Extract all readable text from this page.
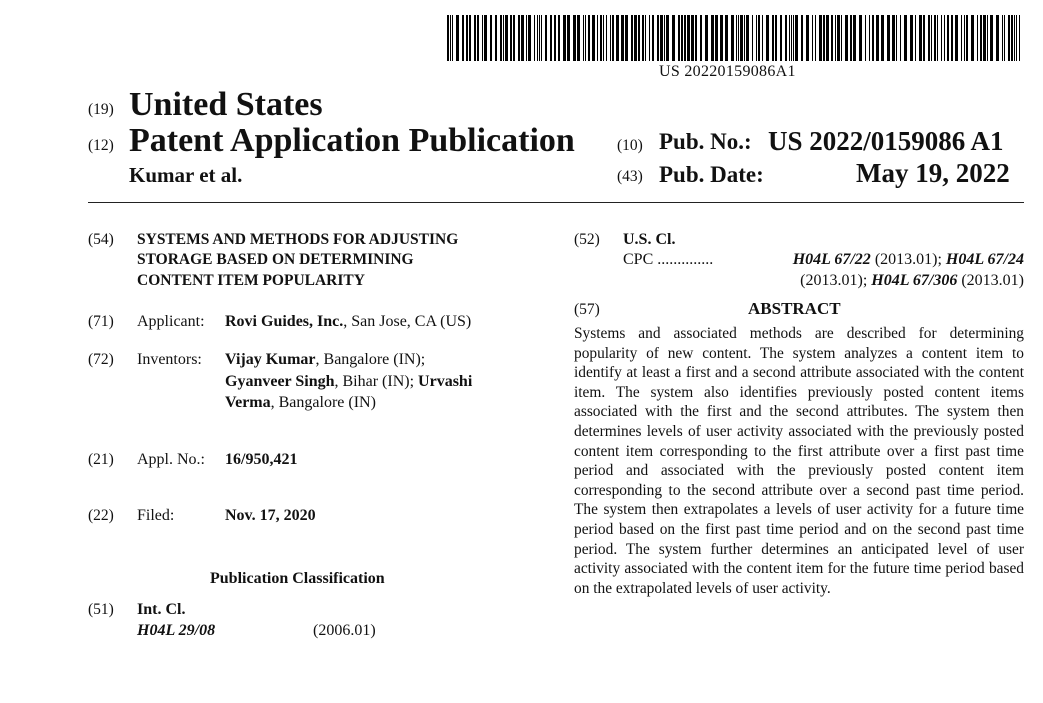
US 20220159086A1
(19) United States
(12) Patent Application Publication
Kumar et al.
(10) Pub. No.: US 2022/0159086 A1
(43) Pub. Date:	May 19, 2022
(54) SYSTEMS AND METHODS FOR ADJUSTING
STORAGE BASED ON DETERMINING
CONTENT ITEM POPULARITY
(71) Applicant: Rovi Guides, Inc., San Jose, CA (US)
(72) Inventors: Vijay Kumar, Bangalore (IN);
Gyanveer Singh, Bihar (IN); Urvashi
Verma, Bangalore (IN)
(21) Appl. No.: 16/950,421
(22) Filed:	Nov. 17, 2020
Publication Classification
(51) Int. Cl.
H04L 29/08	(2006.01)
(52) U.S. Cl.
CPC ..............	H04L 67/22 (2013.01); H04L 67/24
(2013.01); H04L 67/306 (2013.01)
(57)	ABSTRACT
Systems and associated methods are described for determining popularity of new content. The system analyzes a content item to identify at least a first and a second attribute associated with the content item. The system also identifies previously posted content items associated with the first and the second attributes. The system then determines levels of user activity associated with the previously posted content item corresponding to the first attribute over a first past time period and associated with the previously posted content item corresponding to the second attribute over a second past time period. The system then extrapolates a levels of user activity for a future time period based on the first past time period and on the second past time period. The system further determines an anticipated level of user activity associated with the content item for the future time period based on the extrapolated levels of user activity.
